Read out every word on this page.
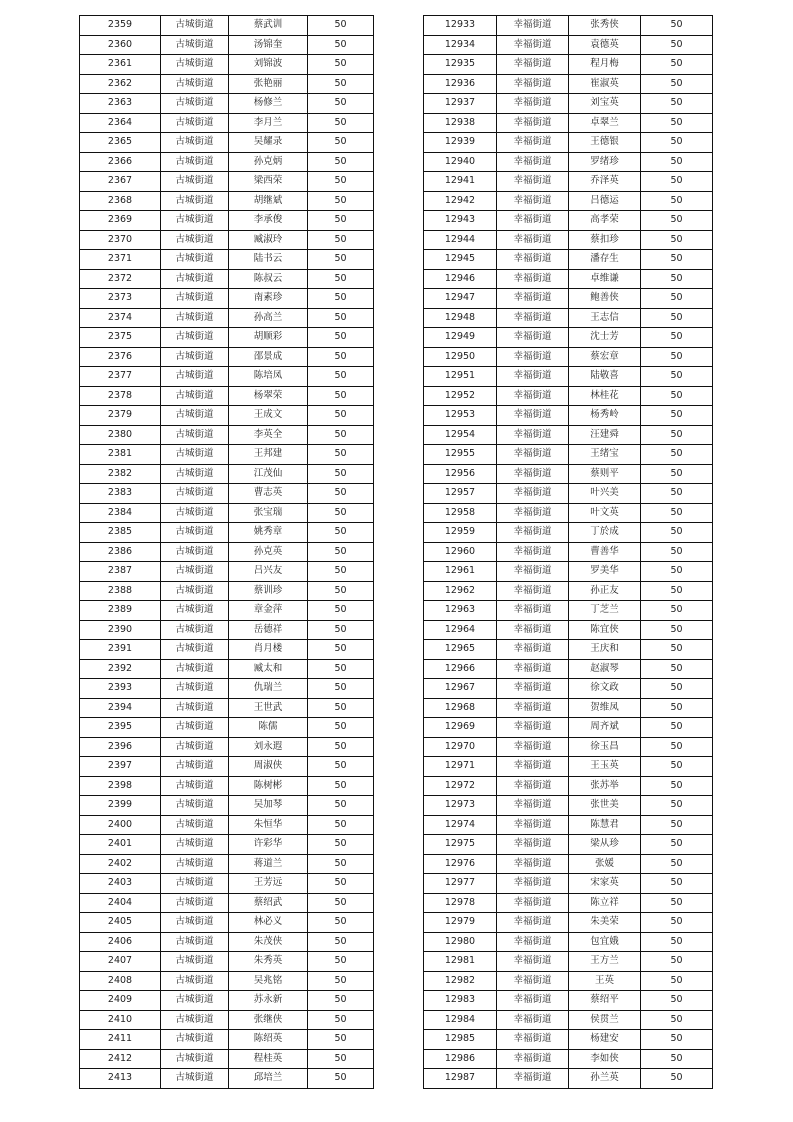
2359	古城街道	蔡武训	50
2360	古城街道	汤锦奎	50
2361	古城街道	刘锦波	50
2362	古城街道	张艳丽	50
2363	古城街道	杨修兰	50
2364	古城街道	李月兰	50
2365	古城街道	吴耀录	50
2366	古城街道	孙克炳	50
2367	古城街道	梁西荣	50
2368	古城街道	胡继斌	50
2369	古城街道	李承俊	50
2370	古城街道	臧淑玲	50
2371	古城街道	陆书云	50
2372	古城街道	陈叔云	50
2373	古城街道	南素珍	50
2374	古城街道	孙高兰	50
2375	古城街道	胡顺彩	50
2376	古城街道	邵景成	50
2377	古城街道	陈培凤	50
2378	古城街道	杨翠荣	50
2379	古城街道	王成文	50
2380	古城街道	李英全	50
2381	古城街道	王邦建	50
2382	古城街道	江茂仙	50
2383	古城街道	曹志英	50
2384	古城街道	张宝瑞	50
2385	古城街道	姚秀章	50
2386	古城街道	孙克英	50
2387	古城街道	吕兴友	50
2388	古城街道	蔡训珍	50
2389	古城街道	章金萍	50
2390	古城街道	岳德祥	50
2391	古城街道	肖月楼	50
2392	古城街道	臧太和	50
2393	古城街道	仇瑞兰	50
2394	古城街道	王世武	50
2395	古城街道	陈儒	50
2396	古城街道	刘永遐	50
2397	古城街道	周淑侠	50
2398	古城街道	陈树彬	50
2399	古城街道	吴加琴	50
2400	古城街道	朱恒华	50
2401	古城街道	许彩华	50
2402	古城街道	蒋道兰	50
2403	古城街道	王芳远	50
2404	古城街道	蔡绍武	50
2405	古城街道	林必义	50
2406	古城街道	朱茂侠	50
2407	古城街道	朱秀英	50
2408	古城街道	吴兆铭	50
2409	古城街道	苏永新	50
2410	古城街道	张继侠	50
2411	古城街道	陈绍英	50
2412	古城街道	程桂英	50
2413	古城街道	邱培兰	50
12933	幸福街道	张秀侠	50
12934	幸福街道	袁德英	50
12935	幸福街道	程月梅	50
12936	幸福街道	崔淑英	50
12937	幸福街道	刘宝英	50
12938	幸福街道	卓翠兰	50
12939	幸福街道	王德银	50
12940	幸福街道	罗绪珍	50
12941	幸福街道	乔泽英	50
12942	幸福街道	吕德运	50
12943	幸福街道	高孝荣	50
12944	幸福街道	蔡扣珍	50
12945	幸福街道	潘存生	50
12946	幸福街道	卓维谦	50
12947	幸福街道	鲍善侠	50
12948	幸福街道	王志信	50
12949	幸福街道	沈士芳	50
12950	幸福街道	蔡宏章	50
12951	幸福街道	陆敬喜	50
12952	幸福街道	林桂花	50
12953	幸福街道	杨秀岭	50
12954	幸福街道	汪建舜	50
12955	幸福街道	王绪宝	50
12956	幸福街道	蔡则平	50
12957	幸福街道	叶兴美	50
12958	幸福街道	叶文英	50
12959	幸福街道	丁於成	50
12960	幸福街道	曹善华	50
12961	幸福街道	罗美华	50
12962	幸福街道	孙正友	50
12963	幸福街道	丁芝兰	50
12964	幸福街道	陈宜侠	50
12965	幸福街道	王庆和	50
12966	幸福街道	赵淑琴	50
12967	幸福街道	徐文政	50
12968	幸福街道	贺维凤	50
12969	幸福街道	周齐斌	50
12970	幸福街道	徐玉昌	50
12971	幸福街道	王玉英	50
12972	幸福街道	张苏举	50
12973	幸福街道	张世美	50
12974	幸福街道	陈慧君	50
12975	幸福街道	梁从珍	50
12976	幸福街道	张媛	50
12977	幸福街道	宋家英	50
12978	幸福街道	陈立祥	50
12979	幸福街道	朱美荣	50
12980	幸福街道	包宜娥	50
12981	幸福街道	王方兰	50
12982	幸福街道	王英	50
12983	幸福街道	蔡绍平	50
12984	幸福街道	侯贯兰	50
12985	幸福街道	杨建安	50
12986	幸福街道	李如侠	50
12987	幸福街道	孙兰英	50
